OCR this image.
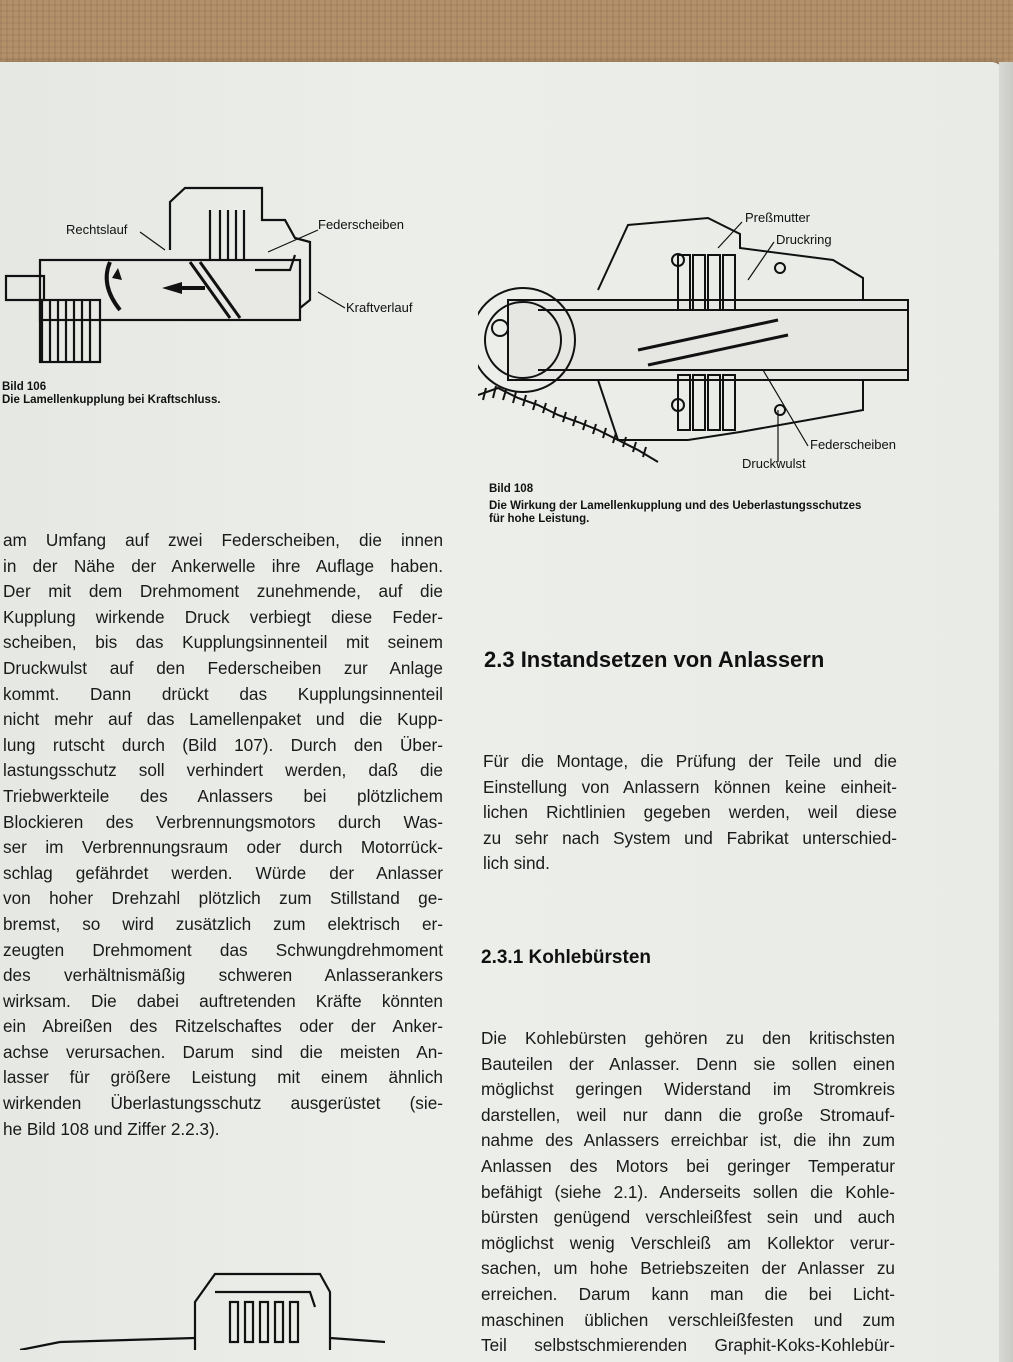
Rechtslauf	Federscheiben
Kraftverlauf
Bild 106
Die Lamellenkupplung bei Kraftschluss.
Preßmutter
Druckring
Federscheiben
Druckwulst
Bild 108
Die Wirkung der Lamellenkupplung und des Ueberlastungsschutzes
für hohe Leistung.

am Umfang auf zwei Federscheiben, die innen

in der Nähe der Ankerwelle ihre Auflage haben.

Der mit dem Drehmoment zunehmende, auf die

Kupplung wirkende Druck verbiegt diese Feder-

scheiben, bis das Kupplungsinnenteil mit seinem

Druckwulst auf den Federscheiben zur Anlage

kommt. Dann drückt das Kupplungsinnenteil

nicht mehr auf das Lamellenpaket und die Kupp-

lung rutscht durch (Bild 107). Durch den Über-

lastungsschutz soll verhindert werden, daß die

Triebwerkteile des Anlassers bei plötzlichem

Blockieren des Verbrennungsmotors durch Was-

ser im Verbrennungsraum oder durch Motorrück-

schlag gefährdet werden. Würde der Anlasser

von hoher Drehzahl plötzlich zum Stillstand ge-

bremst, so wird zusätzlich zum elektrisch er-

zeugten Drehmoment das Schwungdrehmoment

des verhältnismäßig schweren Anlasserankers

wirksam. Die dabei auftretenden Kräfte könnten

ein Abreißen des Ritzelschaftes oder der Anker-

achse verursachen. Darum sind die meisten An-

lasser für größere Leistung mit einem ähnlich

wirkenden Überlastungsschutz ausgerüstet (sie-

he Bild 108 und Ziffer 2.2.3).

2.3 Instandsetzen von Anlassern

Für die Montage, die Prüfung der Teile und die

Einstellung von Anlassern können keine einheit-

lichen Richtlinien gegeben werden, weil diese

zu sehr nach System und Fabrikat unterschied-

lich sind.

2.3.1 Kohlebürsten

Die Kohlebürsten gehören zu den kritischsten

Bauteilen der Anlasser. Denn sie sollen einen

möglichst geringen Widerstand im Stromkreis

darstellen, weil nur dann die große Stromauf-

nahme des Anlassers erreichbar ist, die ihn zum

Anlassen des Motors bei geringer Temperatur

befähigt (siehe 2.1). Anderseits sollen die Kohle-

bürsten genügend verschleißfest sein und auch

möglichst wenig Verschleiß am Kollektor verur-

sachen, um hohe Betriebszeiten der Anlasser zu

erreichen. Darum kann man die bei Licht-

maschinen üblichen verschleißfesten und zum

Teil selbstschmierenden Graphit-Koks-Kohlebür-
